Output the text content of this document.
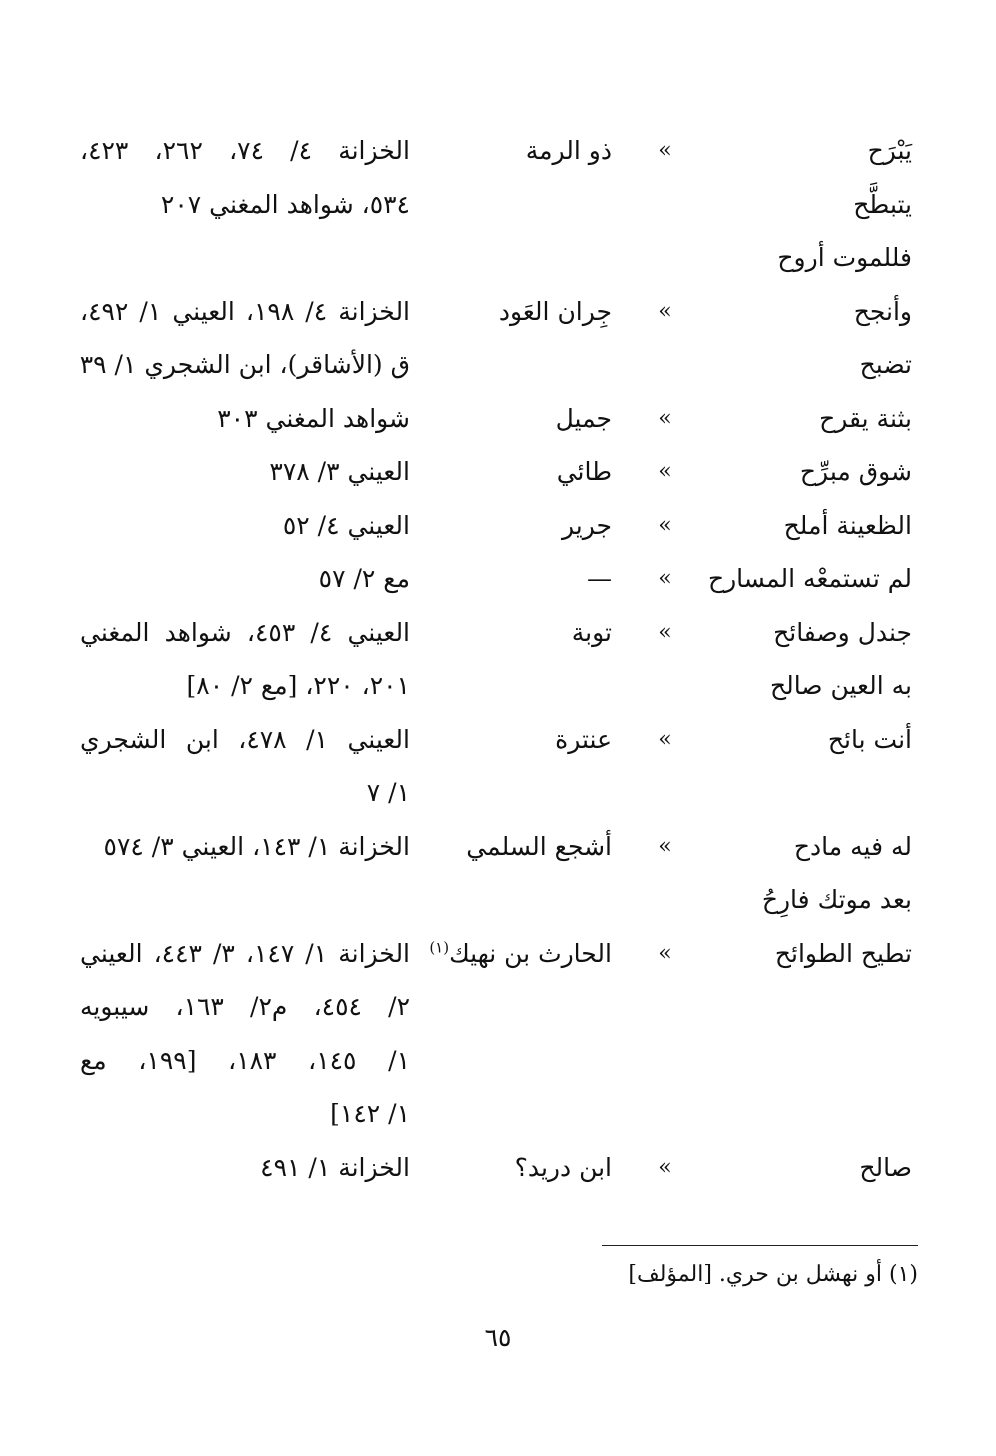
يَبْرَح
»
ذو الرمة
الخزانة ٤/ ٧٤، ٢٦٢، ٤٢٣،
يتبطَّح
٥٣٤، شواهد المغني ٢٠٧
فللموت أروح
وأنجح
»
جِران العَود
الخزانة ٤/ ١٩٨، العيني ١/ ٤٩٢،
تضبح
ق (الأشاقر)، ابن الشجري ١/ ٣٩
بثنة يقرح
»
جميل
شواهد المغني ٣٠٣
شوق مبرِّح
»
طائي
العيني ٣/ ٣٧٨
الظعينة أملح
»
جرير
العيني ٤/ ٥٢
لم تستمعْه المسارح
»
—
مع ٢/ ٥٧
جندل وصفائح
»
توبة
العيني ٤/ ٤٥٣، شواهد المغني
به العين صالح
٢٠١، ٢٢٠، [مع ٢/ ٨٠]
أنت بائح
»
عنترة
العيني ١/ ٤٧٨، ابن الشجري
١/ ٧
له فيه مادح
»
أشجع السلمي
الخزانة ١/ ١٤٣، العيني ٣/ ٥٧٤
بعد موتك فارِحُ
تطيح الطوائح
»
الحارث بن نهيك$^{(١)}$
الخزانة ١/ ١٤٧، ٣/ ٤٤٣، العيني
٢/ ٤٥٤، م٢/ ١٦٣، سيبويه
١/ ١٤٥، ١٨٣، [١٩٩، مع
١/ ١٤٢]
صالح
»
ابن دريد؟
الخزانة ١/ ٤٩١
(١) أو نهشل بن حري. [المؤلف]
٦٥
